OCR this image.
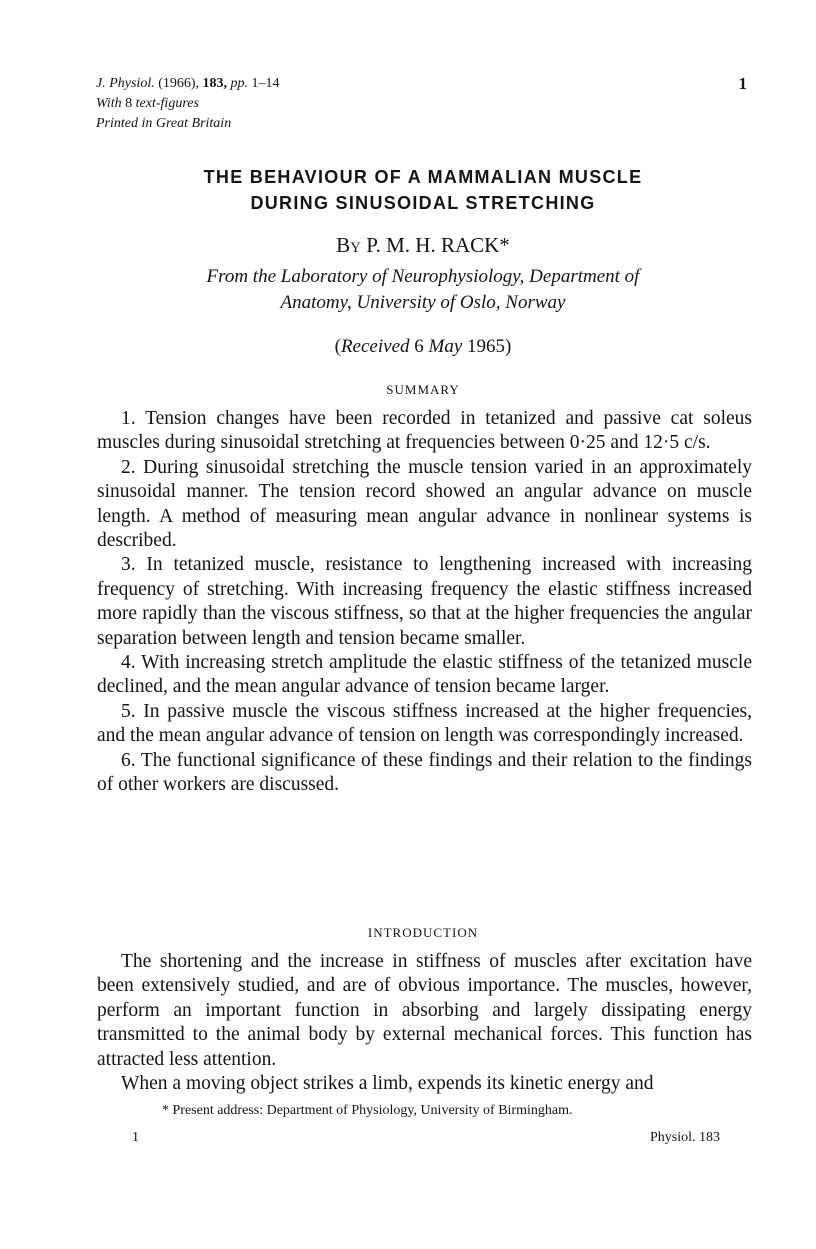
J. Physiol. (1966), 183, pp. 1–14
With 8 text-figures
Printed in Great Britain
1
THE BEHAVIOUR OF A MAMMALIAN MUSCLE
DURING SINUSOIDAL STRETCHING
By P. M. H. RACK*
From the Laboratory of Neurophysiology, Department of
Anatomy, University of Oslo, Norway
(Received 6 May 1965)
SUMMARY

1. Tension changes have been recorded in tetanized and passive cat soleus muscles during sinusoidal stretching at frequencies between 0·25 and 12·5 c/s.

2. During sinusoidal stretching the muscle tension varied in an approximately sinusoidal manner. The tension record showed an angular advance on muscle length. A method of measuring mean angular advance in nonlinear systems is described.

3. In tetanized muscle, resistance to lengthening increased with increasing frequency of stretching. With increasing frequency the elastic stiffness increased more rapidly than the viscous stiffness, so that at the higher frequencies the angular separation between length and tension became smaller.

4. With increasing stretch amplitude the elastic stiffness of the tetanized muscle declined, and the mean angular advance of tension became larger.

5. In passive muscle the viscous stiffness increased at the higher frequencies, and the mean angular advance of tension on length was correspondingly increased.

6. The functional significance of these findings and their relation to the findings of other workers are discussed.

INTRODUCTION

The shortening and the increase in stiffness of muscles after excitation have been extensively studied, and are of obvious importance. The muscles, however, perform an important function in absorbing and largely dissipating energy transmitted to the animal body by external mechanical forces. This function has attracted less attention.

When a moving object strikes a limb, expends its kinetic energy and

* Present address: Department of Physiology, University of Birmingham.
1	Physiol. 183
